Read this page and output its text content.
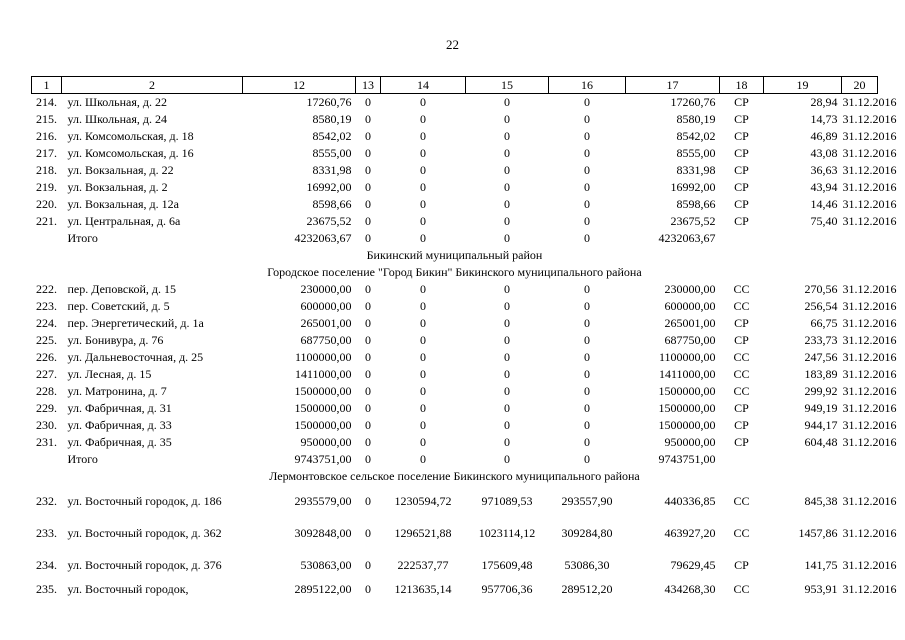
22
1	2	12	13	14	15	16	17	18	19	20
214.	ул. Школьная, д. 22	17260,76	0	0	0	0	17260,76	СР	28,94	31.12.2016
215.	ул. Школьная, д. 24	8580,19	0	0	0	0	8580,19	СР	14,73	31.12.2016
216.	ул. Комсомольская, д. 18	8542,02	0	0	0	0	8542,02	СР	46,89	31.12.2016
217.	ул. Комсомольская, д. 16	8555,00	0	0	0	0	8555,00	СР	43,08	31.12.2016
218.	ул. Вокзальная, д. 22	8331,98	0	0	0	0	8331,98	СР	36,63	31.12.2016
219.	ул. Вокзальная, д. 2	16992,00	0	0	0	0	16992,00	СР	43,94	31.12.2016
220.	ул. Вокзальная, д. 12а	8598,66	0	0	0	0	8598,66	СР	14,46	31.12.2016
221.	ул. Центральная, д. 6а	23675,52	0	0	0	0	23675,52	СР	75,40	31.12.2016
	Итого	4232063,67	0	0	0	0	4232063,67			
Бикинский муниципальный район										
Городское поселение "Город Бикин" Бикинского муниципального района										
222.	пер. Деповской, д. 15	230000,00	0	0	0	0	230000,00	СС	270,56	31.12.2016
223.	пер. Советский, д. 5	600000,00	0	0	0	0	600000,00	СС	256,54	31.12.2016
224.	пер. Энергетический, д. 1а	265001,00	0	0	0	0	265001,00	СР	66,75	31.12.2016
225.	ул. Бонивура, д. 76	687750,00	0	0	0	0	687750,00	СР	233,73	31.12.2016
226.	ул. Дальневосточная, д. 25	1100000,00	0	0	0	0	1100000,00	СС	247,56	31.12.2016
227.	ул. Лесная, д. 15	1411000,00	0	0	0	0	1411000,00	СС	183,89	31.12.2016
228.	ул. Матронина, д. 7	1500000,00	0	0	0	0	1500000,00	СС	299,92	31.12.2016
229.	ул. Фабричная, д. 31	1500000,00	0	0	0	0	1500000,00	СР	949,19	31.12.2016
230.	ул. Фабричная, д. 33	1500000,00	0	0	0	0	1500000,00	СР	944,17	31.12.2016
231.	ул. Фабричная, д. 35	950000,00	0	0	0	0	950000,00	СР	604,48	31.12.2016
	Итого	9743751,00	0	0	0	0	9743751,00			
Лермонтовское сельское поселение Бикинского муниципального района										
232.	ул. Восточный городок, д. 186	2935579,00	0	1230594,72	971089,53	293557,90	440336,85	СС	845,38	31.12.2016
233.	ул. Восточный городок, д. 362	3092848,00	0	1296521,88	1023114,12	309284,80	463927,20	СС	1457,86	31.12.2016
234.	ул. Восточный городок, д. 376	530863,00	0	222537,77	175609,48	53086,30	79629,45	СР	141,75	31.12.2016
235.	ул. Восточный городок,	2895122,00	0	1213635,14	957706,36	289512,20	434268,30	СС	953,91	31.12.2016
